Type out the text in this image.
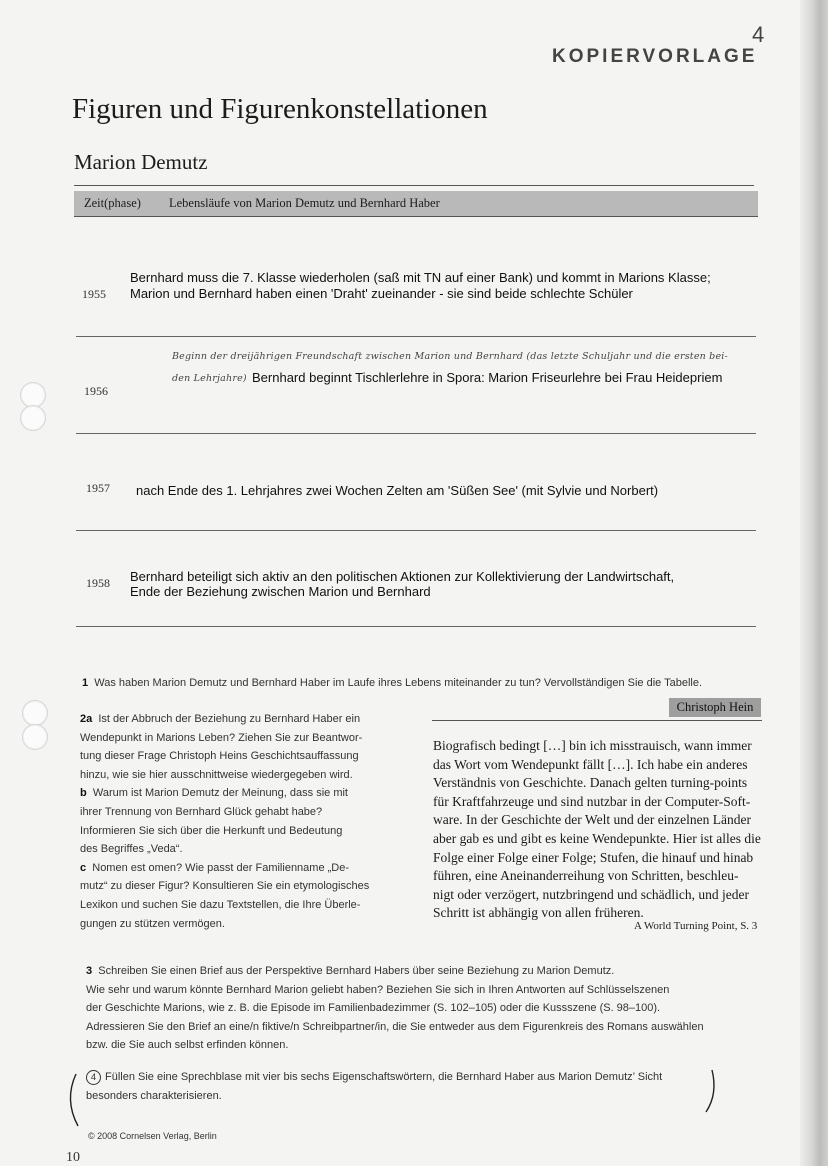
4
KOPIERVORLAGE
Figuren und Figurenkonstellationen
Marion Demutz
Zeit(phase) Lebensläufe von Marion Demutz und Bernhard Haber
1955
Bernhard muss die 7. Klasse wiederholen (saß mit TN auf einer Bank) und kommt in Marions Klasse;
Marion und Bernhard haben einen 'Draht' zueinander - sie sind beide schlechte Schüler
1956
Beginn der dreijährigen Freundschaft zwischen Marion und Bernhard (das letzte Schuljahr und die ersten bei-
den Lehrjahre) Bernhard beginnt Tischlerlehre in Spora: Marion Friseurlehre bei Frau Heidepriem
1957 nach Ende des 1. Lehrjahres zwei Wochen Zelten am 'Süßen See' (mit Sylvie und Norbert)
1958 Bernhard beteiligt sich aktiv an den politischen Aktionen zur Kollektivierung der Landwirtschaft,
Ende der Beziehung zwischen Marion und Bernhard
1 Was haben Marion Demutz und Bernhard Haber im Laufe ihres Lebens miteinander zu tun? Vervollständigen Sie die Tabelle.
2a Ist der Abbruch der Beziehung zu Bernhard Haber ein
Wendepunkt in Marions Leben? Ziehen Sie zur Beantwor-
tung dieser Frage Christoph Heins Geschichtsauffassung
hinzu, wie sie hier ausschnittweise wiedergegeben wird.
b Warum ist Marion Demutz der Meinung, dass sie mit
ihrer Trennung von Bernhard Glück gehabt habe?
Informieren Sie sich über die Herkunft und Bedeutung
des Begriffes „Veda“.
c Nomen est omen? Wie passt der Familienname „De-
mutz“ zu dieser Figur? Konsultieren Sie ein etymologisches
Lexikon und suchen Sie dazu Textstellen, die Ihre Überle-
gungen zu stützen vermögen.
Christoph Hein
Biografisch bedingt […] bin ich misstrauisch, wann immer
das Wort vom Wendepunkt fällt […]. Ich habe ein anderes
Verständnis von Geschichte. Danach gelten turning-points
für Kraftfahrzeuge und sind nutzbar in der Computer-Soft-
ware. In der Geschichte der Welt und der einzelnen Länder
aber gab es und gibt es keine Wendepunkte. Hier ist alles die
Folge einer Folge einer Folge; Stufen, die hinauf und hinab
führen, eine Aneinanderreihung von Schritten, beschleu-
nigt oder verzögert, nutzbringend und schädlich, und jeder
Schritt ist abhängig von allen früheren.
A World Turning Point, S. 3
3 Schreiben Sie einen Brief aus der Perspektive Bernhard Habers über seine Beziehung zu Marion Demutz.
Wie sehr und warum könnte Bernhard Marion geliebt haben? Beziehen Sie sich in Ihren Antworten auf Schlüsselszenen
der Geschichte Marions, wie z. B. die Episode im Familienbadezimmer (S. 102–105) oder die Kussszene (S. 98–100).
Adressieren Sie den Brief an eine/n fiktive/n Schreibpartner/in, die Sie entweder aus dem Figurenkreis des Romans auswählen
bzw. die Sie auch selbst erfinden können.
4 Füllen Sie eine Sprechblase mit vier bis sechs Eigenschaftswörtern, die Bernhard Haber aus Marion Demutz’ Sicht
besonders charakterisieren.
© 2008 Cornelsen Verlag, Berlin
10
